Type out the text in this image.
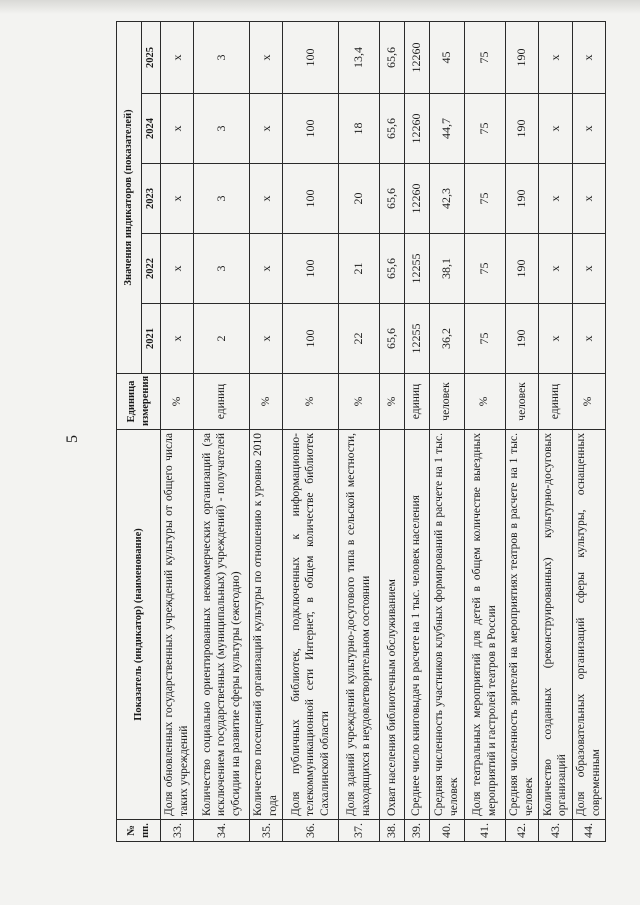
5
№ пп.	Показатель (индикатор) (наименование)	Единица измерения	Значения индикаторов (показателей)				
			2021	2022	2023	2024	2025
33.	Доля обновленных государственных учреждений культуры от общего числа таких учреждений	%	х	х	х	х	х
34.	Количество социально ориентированных некоммерческих организаций (за исключением государственных (муниципальных) учреждений) - получателей субсидии на развитие сферы культуры (ежегодно)	единиц	2	3	3	3	3
35.	Количество посещений организаций культуры по отношению к уровню 2010 года	%	х	х	х	х	х
36.	Доля публичных библиотек, подключенных к информационно-телекоммуникационной сети Интернет, в общем количестве библиотек Сахалинской области	%	100	100	100	100	100
37.	Доля зданий учреждений культурно-досугового типа в сельской местности, находящихся в неудовлетворительном состоянии	%	22	21	20	18	13,4
38.	Охват населения библиотечным обслуживанием	%	65,6	65,6	65,6	65,6	65,6
39.	Среднее число книговыдач в расчете на 1 тыс. человек населения	единиц	12255	12255	12260	12260	12260
40.	Средняя численность участников клубных формирований в расчете на 1 тыс. человек	человек	36,2	38,1	42,3	44,7	45
41.	Доля театральных мероприятий для детей в общем количестве выездных мероприятий и гастролей театров в России	%	75	75	75	75	75
42.	Средняя численность зрителей на мероприятиях театров в расчете на 1 тыс. человек	человек	190	190	190	190	190
43.	Количество созданных (реконструированных) культурно-досуговых организаций	единиц	х	х	х	х	х
44.	Доля образовательных организаций сферы культуры, оснащенных современным	%	х	х	х	х	х
